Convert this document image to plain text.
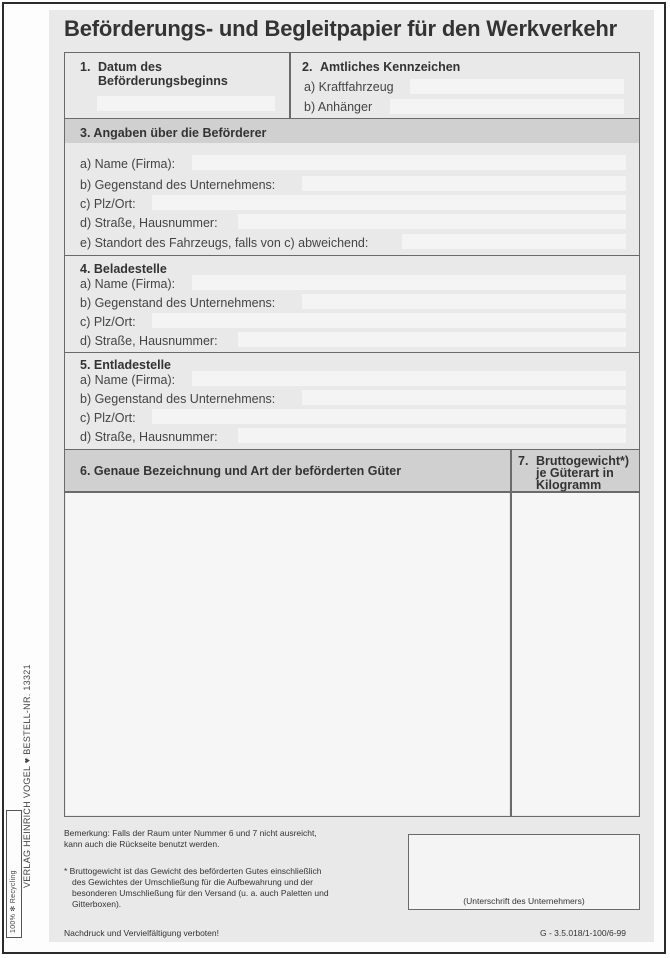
Beförderungs- und Begleitpapier für den Werkverkehr
1. Datum des
Beförderungsbeginns
2. Amtliches Kennzeichen
a) Kraftfahrzeug
b) Anhänger
3. Angaben über die Beförderer
a) Name (Firma):
b) Gegenstand des Unternehmens:
c) Plz/Ort:
d) Straße, Hausnummer:
e) Standort des Fahrzeugs, falls von c) abweichend:
4. Beladestelle
a) Name (Firma):
b) Gegenstand des Unternehmens:
c) Plz/Ort:
d) Straße, Hausnummer:
5. Entladestelle
a) Name (Firma):
b) Gegenstand des Unternehmens:
c) Plz/Ort:
d) Straße, Hausnummer:
6. Genaue Bezeichnung und Art der beförderten Güter
7. Bruttogewicht*)
je Güterart in
Kilogramm
Bemerkung: Falls der Raum unter Nummer 6 und 7 nicht ausreicht,
kann auch die Rückseite benutzt werden.
* Bruttogewicht ist das Gewicht des beförderten Gutes einschließlich
des Gewichtes der Umschließung für die Aufbewahrung und der
besonderen Umschließung für den Versand (u. a. auch Paletten und
Gitterboxen).	(Unterschrift des Unternehmers)
Nachdruck und Vervielfältigung verboten!	G - 3.5.018/1-100/6-99
VERLAG HEINRICH VOGEL ♥ BESTELL-NR. 13321
100% ✻ Recycling
